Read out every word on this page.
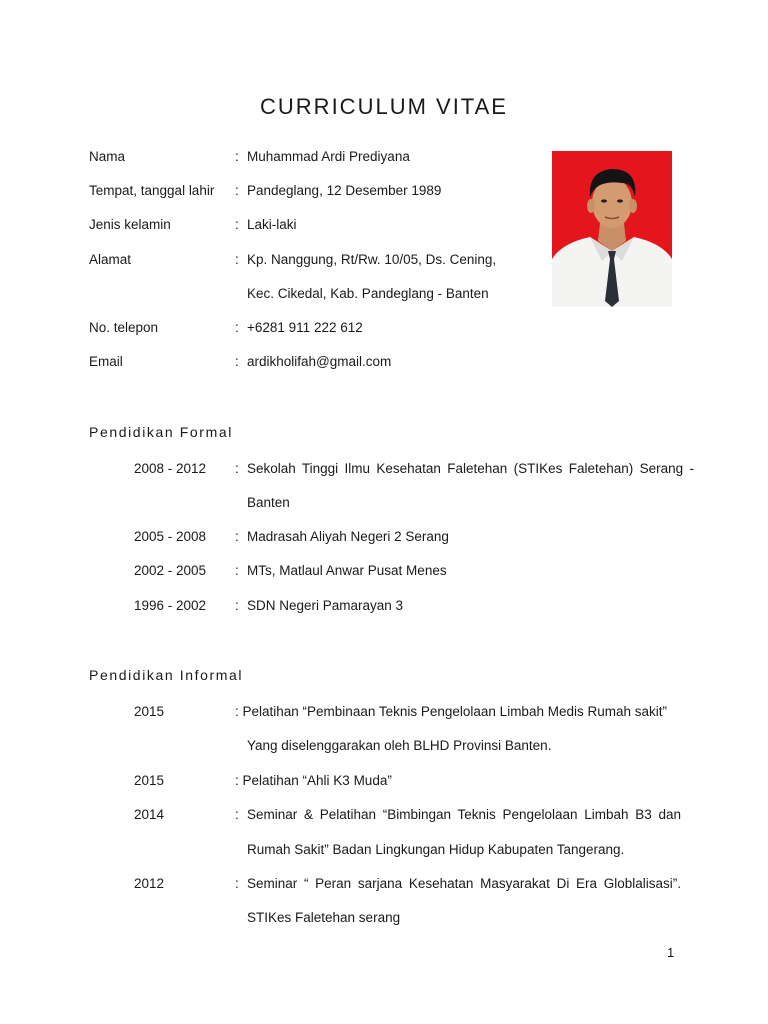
CURRICULUM VITAE
Nama	: Muhammad Ardi Prediyana
Tempat, tanggal lahir : Pandeglang, 12 Desember 1989
Jenis kelamin	: Laki-laki
Alamat	: Kp. Nanggung, Rt/Rw. 10/05, Ds. Cening,
Kec. Cikedal, Kab. Pandeglang - Banten
No. telepon	: +6281 911 222 612
Email	: ardikholifah@gmail.com
Pendidikan Formal
2008 - 2012 : Sekolah Tinggi Ilmu Kesehatan Faletehan (STIKes Faletehan) Serang -
Banten
2005 - 2008 : Madrasah Aliyah Negeri 2 Serang
2002 - 2005 : MTs, Matlaul Anwar Pusat Menes
1996 - 2002 : SDN Negeri Pamarayan 3
Pendidikan Informal
2015	: Pelatihan “Pembinaan Teknis Pengelolaan Limbah Medis Rumah sakit”
Yang diselenggarakan oleh BLHD Provinsi Banten.
2015	: Pelatihan “Ahli K3 Muda”
2014	: Seminar & Pelatihan “Bimbingan Teknis Pengelolaan Limbah B3 dan
Rumah Sakit” Badan Lingkungan Hidup Kabupaten Tangerang.
2012	: Seminar “ Peran sarjana Kesehatan Masyarakat Di Era Globlalisasi”.
STIKes Faletehan serang
1
